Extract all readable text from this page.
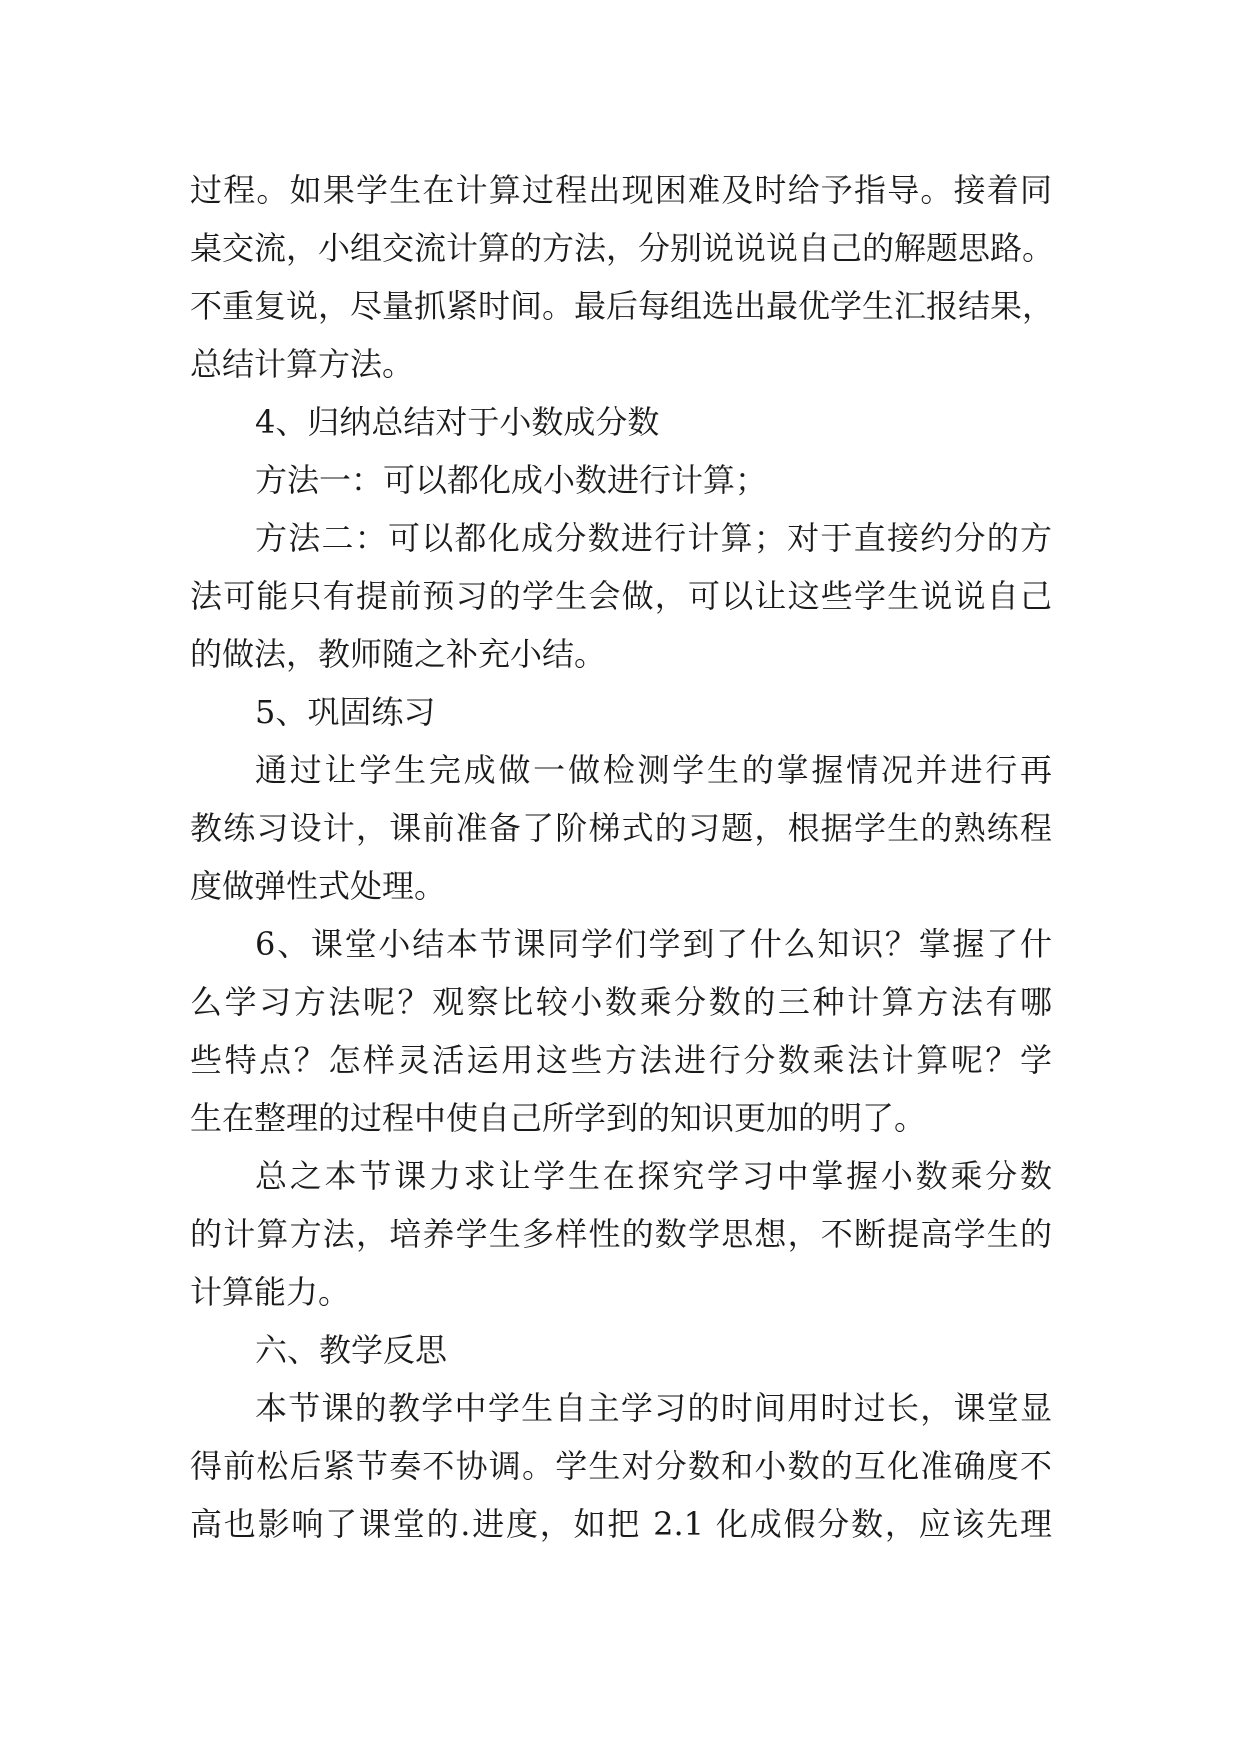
过程。如果学生在计算过程出现困难及时给予指导。接着同
桌交流，小组交流计算的方法，分别说说说自己的解题思路。
不重复说，尽量抓紧时间。最后每组选出最优学生汇报结果，
总结计算方法。
4、归纳总结对于小数成分数
方法一：可以都化成小数进行计算；
方法二：可以都化成分数进行计算；对于直接约分的方
法可能只有提前预习的学生会做，可以让这些学生说说自己
的做法，教师随之补充小结。
5、巩固练习
通过让学生完成做一做检测学生的掌握情况并进行再
教练习设计，课前准备了阶梯式的习题，根据学生的熟练程
度做弹性式处理。
6、课堂小结本节课同学们学到了什么知识？掌握了什
么学习方法呢？观察比较小数乘分数的三种计算方法有哪
些特点？怎样灵活运用这些方法进行分数乘法计算呢？学
生在整理的过程中使自己所学到的知识更加的明了。
总之本节课力求让学生在探究学习中掌握小数乘分数
的计算方法，培养学生多样性的数学思想，不断提高学生的
计算能力。
六、教学反思
本节课的教学中学生自主学习的时间用时过长，课堂显
得前松后紧节奏不协调。学生对分数和小数的互化准确度不
高也影响了课堂的.进度，如把 2.1 化成假分数，应该先理
